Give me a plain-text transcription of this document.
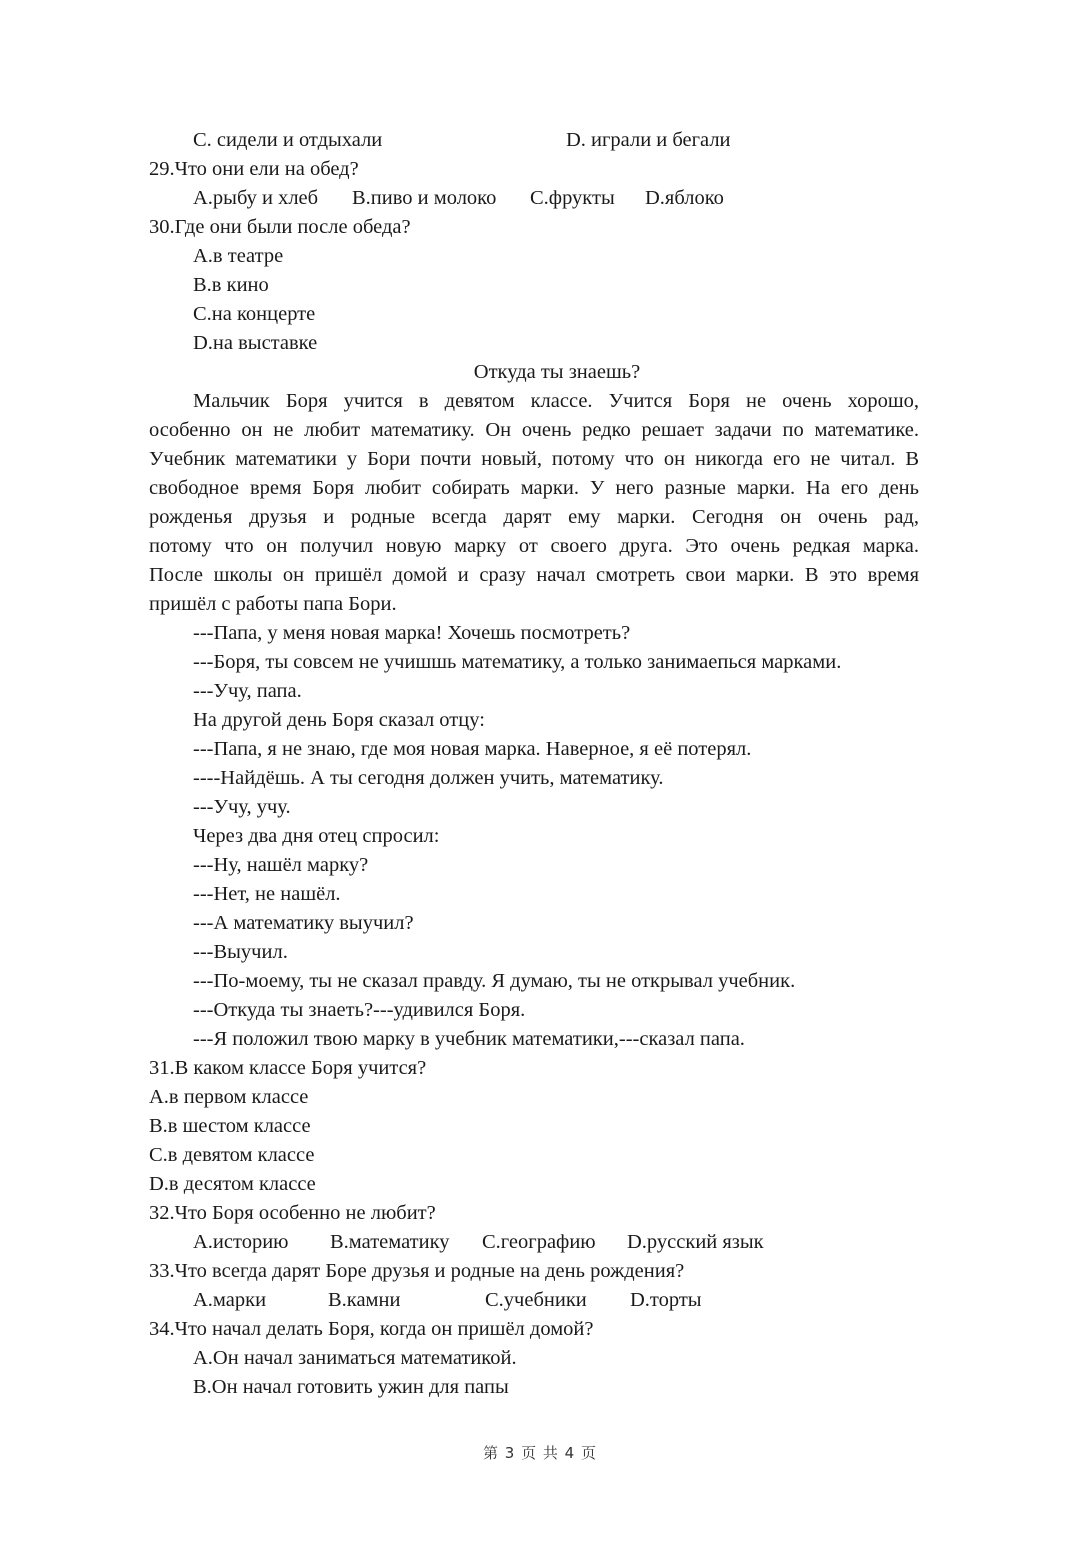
C. сидели и отдыхали	D. играли и бегали
29.Что они ели на обед?
A.рыбу и хлеб B.пиво и молоко C.фрукты D.яблоко
30.Где они были после обеда?
A.в театре
B.в кино
C.на концерте
D.на выставке
Откуда ты знаешь?
Мальчик Боря учится в девятом классе. Учится Боря не очень хорошо,
особенно он не любит математику. Он очень редко решает задачи по математике.
Учебник математики у Бори почти новый, потому что он никогда его не читал. В
свободное время Боря любит собирать марки. У него разные марки. На его день
рожденья друзья и родные всегда дарят ему марки. Сегодня он очень рад,
потому что он получил новую марку от своего друга. Это очень редкая марка.
После школы он пришёл домой и сразу начал смотреть свои марки. В это время
пришёл с работы папа Бори.
---Папа, у меня новая марка! Хочешь посмотреть?
---Боря, ты совсем не учишшь математику, а только занимаепься марками.
---Учу, папа.
На другой день Боря сказал отцу:
---Папа, я не знаю, где моя новая марка. Наверное, я её потерял.
----Найдёшь. А ты сегодня должен учить, математику.
---Учу, учу.
Через два дня отец спросил:
---Ну, нашёл марку?
---Нет, не нашёл.
---А математику выучил?
---Выучил.
---По-моему, ты не сказал правду. Я думаю, ты не открывал учебник.
---Откуда ты знаеть?---удивился Боря.
---Я положил твою марку в учебник математики,---сказал папа.
31.В каком классе Боря учится?
A.в первом классе
B.в шестом классе
C.в девятом классе
D.в десятом классе
32.Что Боря особенно не любит?
A.историю B.математику C.географию D.русский язык
33.Что всегда дарят Боре друзья и родные на день рождения?
A.марки	B.камни	C.учебники D.торты
34.Что начал делать Боря, когда он пришёл домой?
A.Он начал заниматься математикой.
B.Он начал готовить ужин для папы
第 3 页 共 4 页
